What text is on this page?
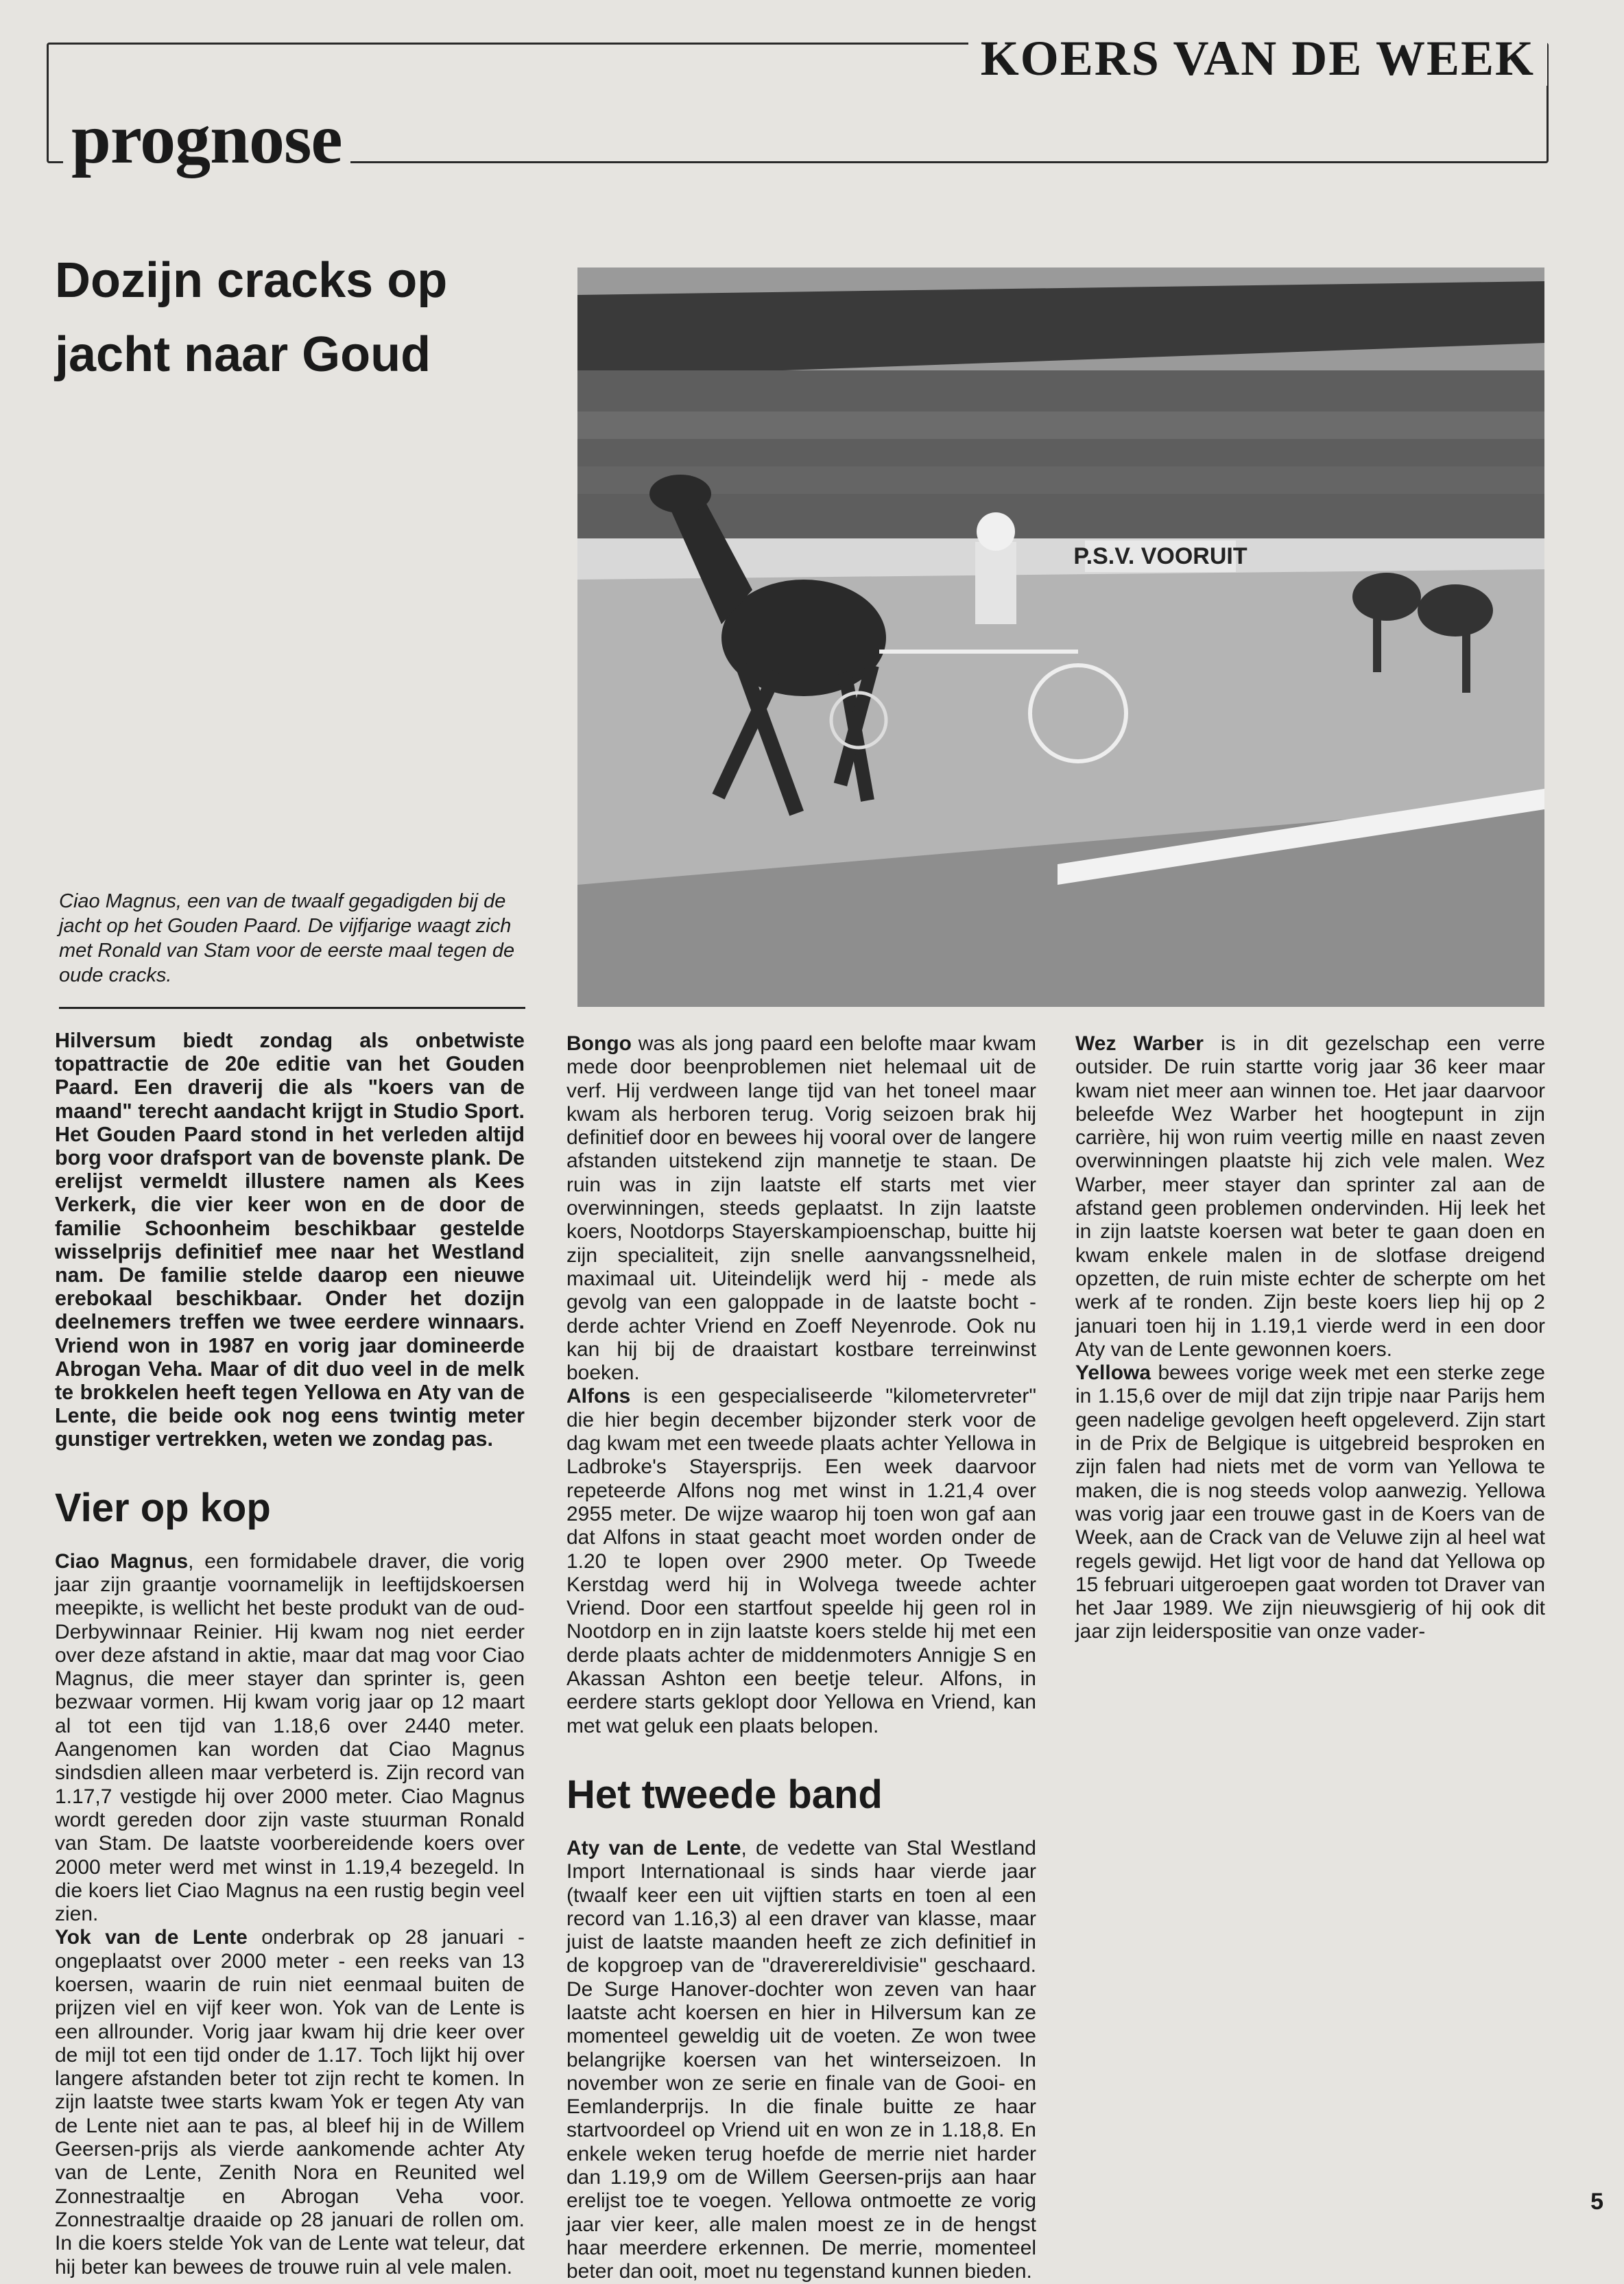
KOERS VAN DE WEEK
prognose
Dozijn cracks op jacht naar Goud
P.S.V. VOORUIT
Ciao Magnus, een van de twaalf gegadigden bij de jacht op het Gouden Paard. De vijfjarige waagt zich met Ronald van Stam voor de eerste maal tegen de oude cracks.

Hilversum biedt zondag als onbetwiste topattractie de 20e editie van het Gouden Paard. Een draverij die als "koers van de maand" terecht aandacht krijgt in Studio Sport. Het Gouden Paard stond in het verleden altijd borg voor drafsport van de bovenste plank. De erelijst vermeldt illustere namen als Kees Verkerk, die vier keer won en de door de familie Schoonheim beschikbaar gestelde wisselprijs definitief mee naar het Westland nam. De familie stelde daarop een nieuwe erebokaal beschikbaar. Onder het dozijn deelnemers treffen we twee eerdere winnaars. Vriend won in 1987 en vorig jaar domineerde Abrogan Veha. Maar of dit duo veel in de melk te brokkelen heeft tegen Yellowa en Aty van de Lente, die beide ook nog eens twintig meter gunstiger vertrekken, weten we zondag pas.

Vier op kop

Ciao Magnus, een formidabele draver, die vorig jaar zijn graantje voornamelijk in leeftijdskoersen meepikte, is wellicht het beste produkt van de oud-Derbywinnaar Reinier. Hij kwam nog niet eerder over deze afstand in aktie, maar dat mag voor Ciao Magnus, die meer stayer dan sprinter is, geen bezwaar vormen. Hij kwam vorig jaar op 12 maart al tot een tijd van 1.18,6 over 2440 meter. Aangenomen kan worden dat Ciao Magnus sindsdien alleen maar verbeterd is. Zijn record van 1.17,7 vestigde hij over 2000 meter. Ciao Magnus wordt gereden door zijn vaste stuurman Ronald van Stam. De laatste voorbereidende koers over 2000 meter werd met winst in 1.19,4 bezegeld. In die koers liet Ciao Magnus na een rustig begin veel zien.

Yok van de Lente onderbrak op 28 januari - ongeplaatst over 2000 meter - een reeks van 13 koersen, waarin de ruin niet eenmaal buiten de prijzen viel en vijf keer won. Yok van de Lente is een allrounder. Vorig jaar kwam hij drie keer over de mijl tot een tijd onder de 1.17. Toch lijkt hij over langere afstanden beter tot zijn recht te komen. In zijn laatste twee starts kwam Yok er tegen Aty van de Lente niet aan te pas, al bleef hij in de Willem Geersen-prijs als vierde aankomende achter Aty van de Lente, Zenith Nora en Reunited wel Zonnestraaltje en Abrogan Veha voor. Zonnestraaltje draaide op 28 januari de rollen om. In die koers stelde Yok van de Lente wat teleur, dat hij beter kan bewees de trouwe ruin al vele malen.

Bongo was als jong paard een belofte maar kwam mede door beenproblemen niet helemaal uit de verf. Hij verdween lange tijd van het toneel maar kwam als herboren terug. Vorig seizoen brak hij definitief door en bewees hij vooral over de langere afstanden uitstekend zijn mannetje te staan. De ruin was in zijn laatste elf starts met vier overwinningen, steeds geplaatst. In zijn laatste koers, Nootdorps Stayerskampioenschap, buitte hij zijn specialiteit, zijn snelle aanvangssnelheid, maximaal uit. Uiteindelijk werd hij - mede als gevolg van een galoppade in de laatste bocht - derde achter Vriend en Zoeff Neyenrode. Ook nu kan hij bij de draaistart kostbare terreinwinst boeken.

Alfons is een gespecialiseerde "kilometervreter" die hier begin december bijzonder sterk voor de dag kwam met een tweede plaats achter Yellowa in Ladbroke's Stayersprijs. Een week daarvoor repeteerde Alfons nog met winst in 1.21,4 over 2955 meter. De wijze waarop hij toen won gaf aan dat Alfons in staat geacht moet worden onder de 1.20 te lopen over 2900 meter. Op Tweede Kerstdag werd hij in Wolvega tweede achter Vriend. Door een startfout speelde hij geen rol in Nootdorp en in zijn laatste koers stelde hij met een derde plaats achter de middenmoters Annigje S en Akassan Ashton een beetje teleur. Alfons, in eerdere starts geklopt door Yellowa en Vriend, kan met wat geluk een plaats belopen.

Het tweede band

Aty van de Lente, de vedette van Stal Westland Import Internationaal is sinds haar vierde jaar (twaalf keer een uit vijftien starts en toen al een record van 1.16,3) al een draver van klasse, maar juist de laatste maanden heeft ze zich definitief in de kopgroep van de "draverereldivisie" geschaard. De Surge Hanover-dochter won zeven van haar laatste acht koersen en hier in Hilversum kan ze momenteel geweldig uit de voeten. Ze won twee belangrijke koersen van het winterseizoen. In november won ze serie en finale van de Gooi- en Eemlanderprijs. In die finale buitte ze haar startvoordeel op Vriend uit en won ze in 1.18,8. En enkele weken terug hoefde de merrie niet harder dan 1.19,9 om de Willem Geersen-prijs aan haar erelijst toe te voegen. Yellowa ontmoette ze vorig jaar vier keer, alle malen moest ze in de hengst haar meerdere erkennen. De merrie, momenteel beter dan ooit, moet nu tegenstand kunnen bieden.

Wez Warber is in dit gezelschap een verre outsider. De ruin startte vorig jaar 36 keer maar kwam niet meer aan winnen toe. Het jaar daarvoor beleefde Wez Warber het hoogtepunt in zijn carrière, hij won ruim veertig mille en naast zeven overwinningen plaatste hij zich vele malen. Wez Warber, meer stayer dan sprinter zal aan de afstand geen problemen ondervinden. Hij leek het in zijn laatste koersen wat beter te gaan doen en kwam enkele malen in de slotfase dreigend opzetten, de ruin miste echter de scherpte om het werk af te ronden. Zijn beste koers liep hij op 2 januari toen hij in 1.19,1 vierde werd in een door Aty van de Lente gewonnen koers.

Yellowa bewees vorige week met een sterke zege in 1.15,6 over de mijl dat zijn tripje naar Parijs hem geen nadelige gevolgen heeft opgeleverd. Zijn start in de Prix de Belgique is uitgebreid besproken en zijn falen had niets met de vorm van Yellowa te maken, die is nog steeds volop aanwezig. Yellowa was vorig jaar een trouwe gast in de Koers van de Week, aan de Crack van de Veluwe zijn al heel wat regels gewijd. Het ligt voor de hand dat Yellowa op 15 februari uitgeroepen gaat worden tot Draver van het Jaar 1989. We zijn nieuwsgierig of hij ook dit jaar zijn leiderspositie van onze vader-

5
